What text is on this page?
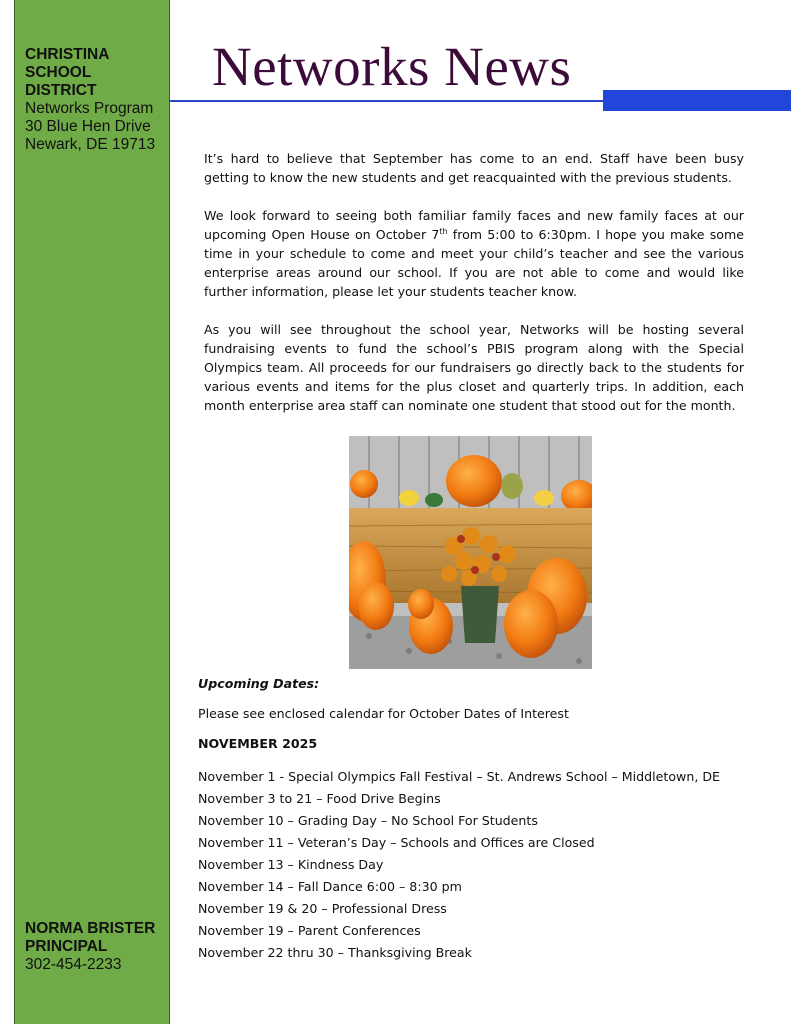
CHRISTINA
SCHOOL
DISTRICT
Networks Program
30 Blue Hen Drive
Newark, DE 19713
NORMA BRISTER
PRINCIPAL
302-454-2233
Networks News

It’s hard to believe that September has come to an end. Staff have been busy getting to know the new students and get reacquainted with the previous students.

We look forward to seeing both familiar family faces and new family faces at our upcoming Open House on October 7th from 5:00 to 6:30pm. I hope you make some time in your schedule to come and meet your child’s teacher and see the various enterprise areas around our school. If you are not able to come and would like further information, please let your students teacher know.

As you will see throughout the school year, Networks will be hosting several fundraising events to fund the school’s PBIS program along with the Special Olympics team. All proceeds for our fundraisers go directly back to the students for various events and items for the plus closet and quarterly trips. In addition, each month enterprise area staff can nominate one student that stood out for the month.

Upcoming Dates:
Please see enclosed calendar for October Dates of Interest
NOVEMBER 2025
November 1 - Special Olympics Fall Festival – St. Andrews School – Middletown, DE
November 3 to 21 – Food Drive Begins
November 10 – Grading Day – No School For Students
November 11 – Veteran’s Day – Schools and Offices are Closed
November 13 – Kindness Day
November 14 – Fall Dance 6:00 – 8:30 pm
November 19 & 20 – Professional Dress
November 19 – Parent Conferences
November 22 thru 30 – Thanksgiving Break
